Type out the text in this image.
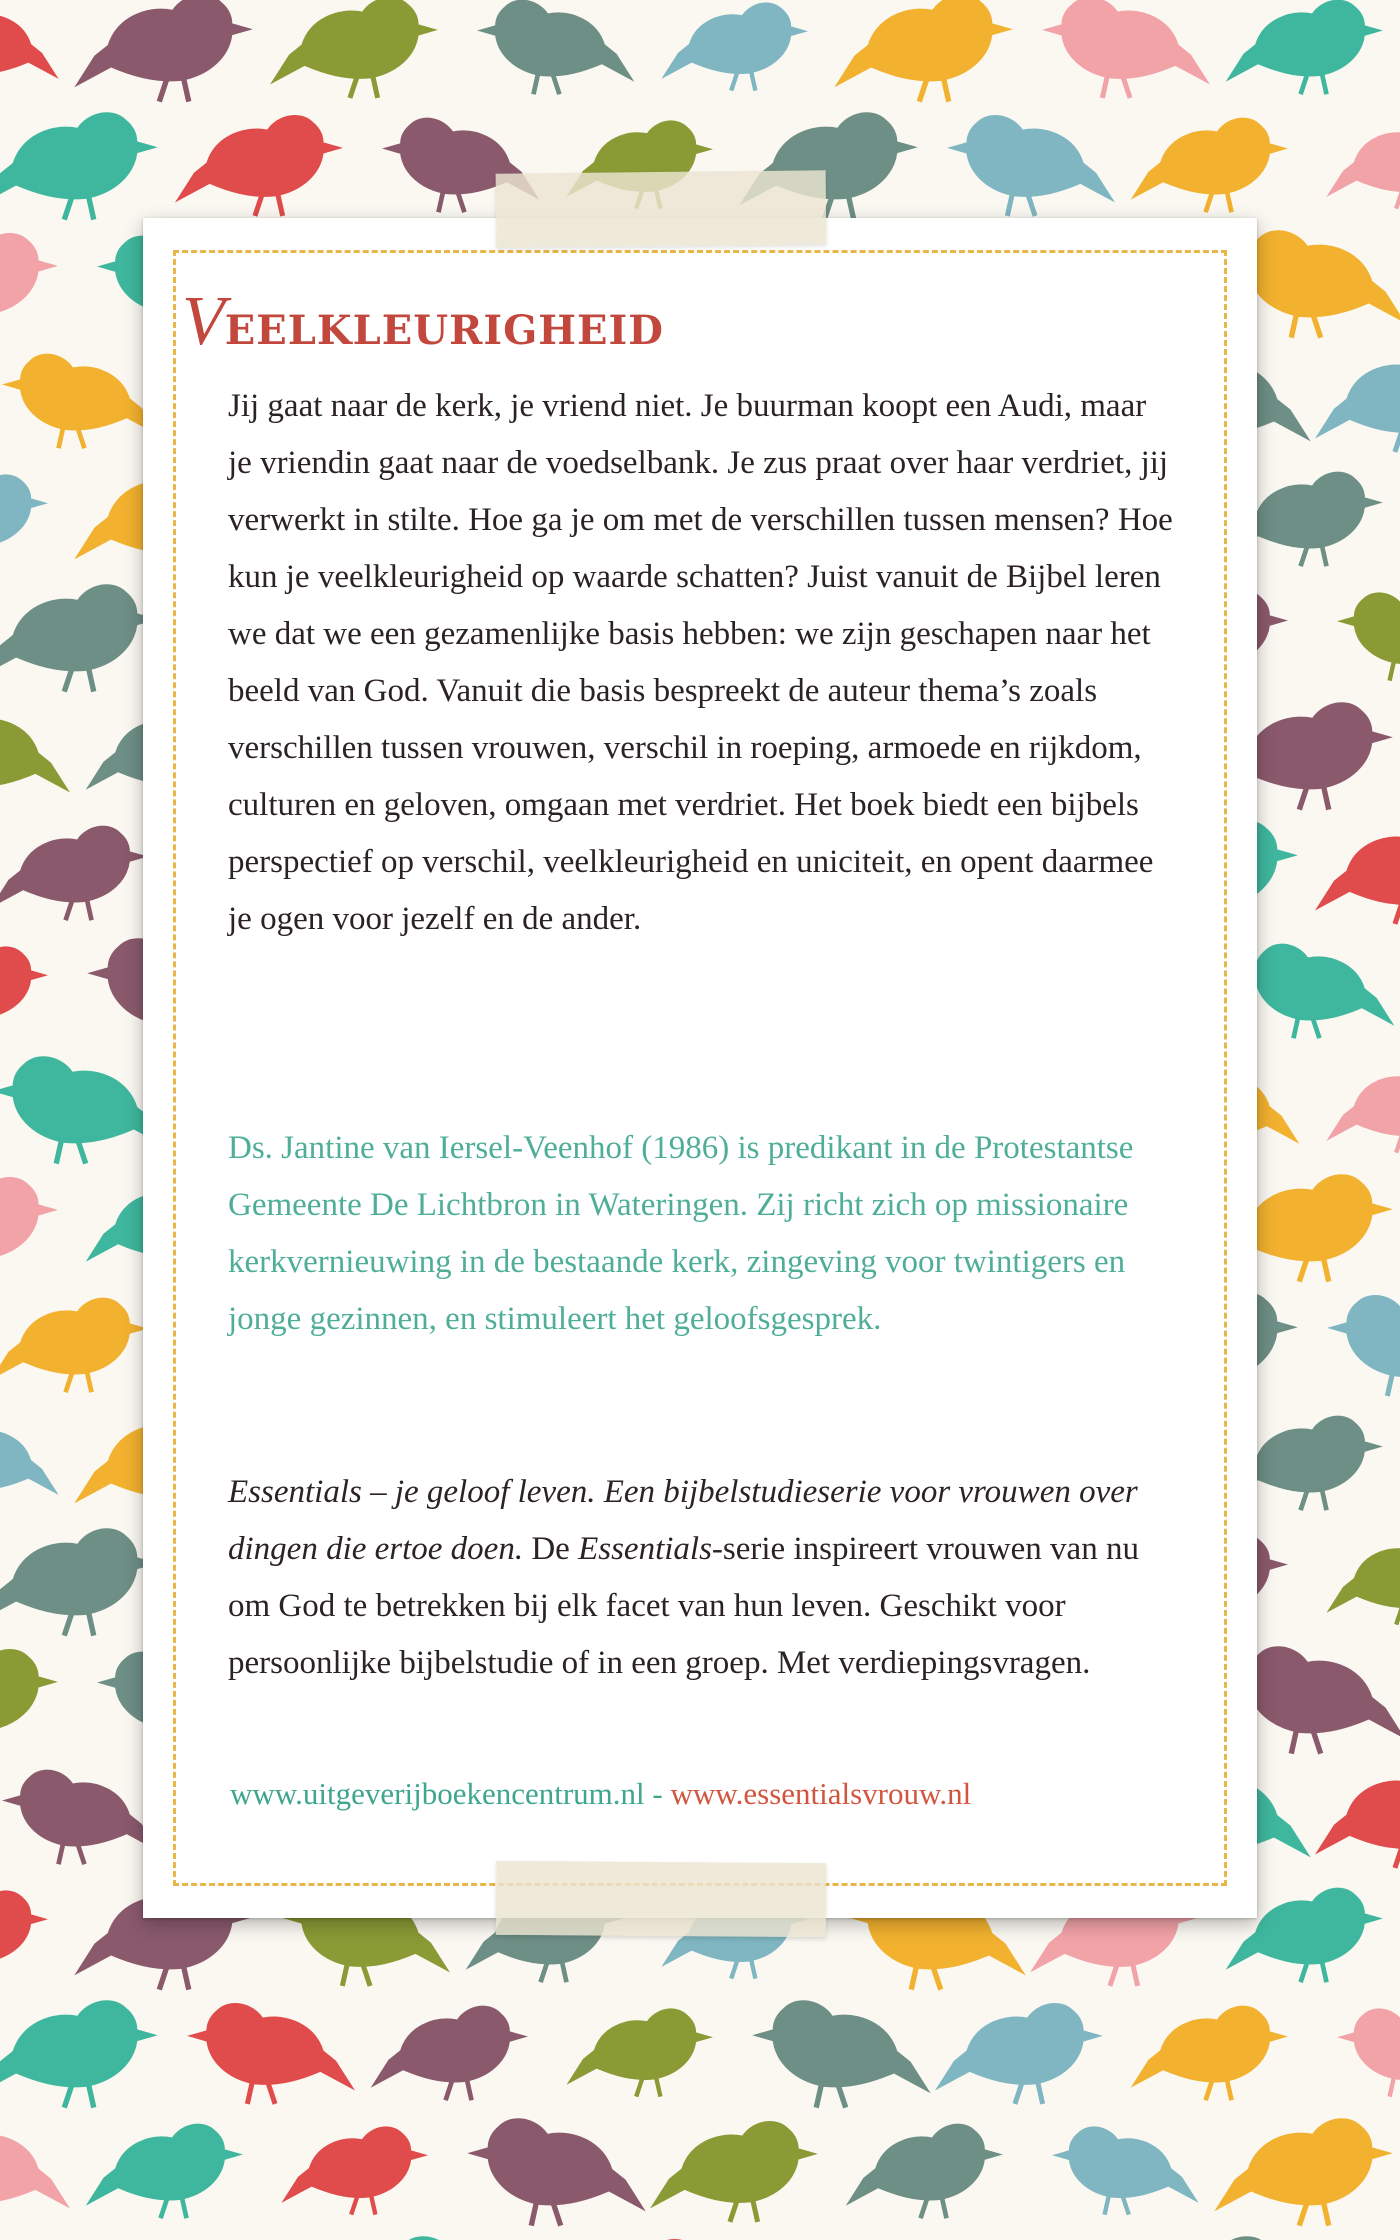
VEELKLEURIGHEID
Jij gaat naar de kerk, je vriend niet. Je buurman koopt een Audi, maar je vriendin gaat naar de voedselbank. Je zus praat over haar verdriet, jij verwerkt in stilte. Hoe ga je om met de verschillen tussen mensen? Hoe kun je veelkleurigheid op waarde schatten? Juist vanuit de Bijbel leren we dat we een gezamenlijke basis hebben: we zijn geschapen naar het beeld van God. Vanuit die basis bespreekt de auteur thema’s zoals verschillen tussen vrouwen, verschil in roeping, armoede en rijkdom, culturen en geloven, omgaan met verdriet. Het boek biedt een bijbels perspectief op verschil, veelkleurigheid en uniciteit, en opent daarmee je ogen voor jezelf en de ander.
Ds. Jantine van Iersel-Veenhof (1986) is predikant in de Protestantse Gemeente De Lichtbron in Wateringen. Zij richt zich op missionaire kerkvernieuwing in de bestaande kerk, zingeving voor twintigers en jonge gezinnen, en stimuleert het geloofsgesprek.
Essentials – je geloof leven. Een bijbelstudieserie voor vrouwen over dingen die ertoe doen. De Essentials-serie inspireert vrouwen van nu om God te betrekken bij elk facet van hun leven. Geschikt voor persoonlijke bijbelstudie of in een groep. Met verdiepingsvragen.
www.uitgeverijboekencentrum.nl - www.essentialsvrouw.nl
